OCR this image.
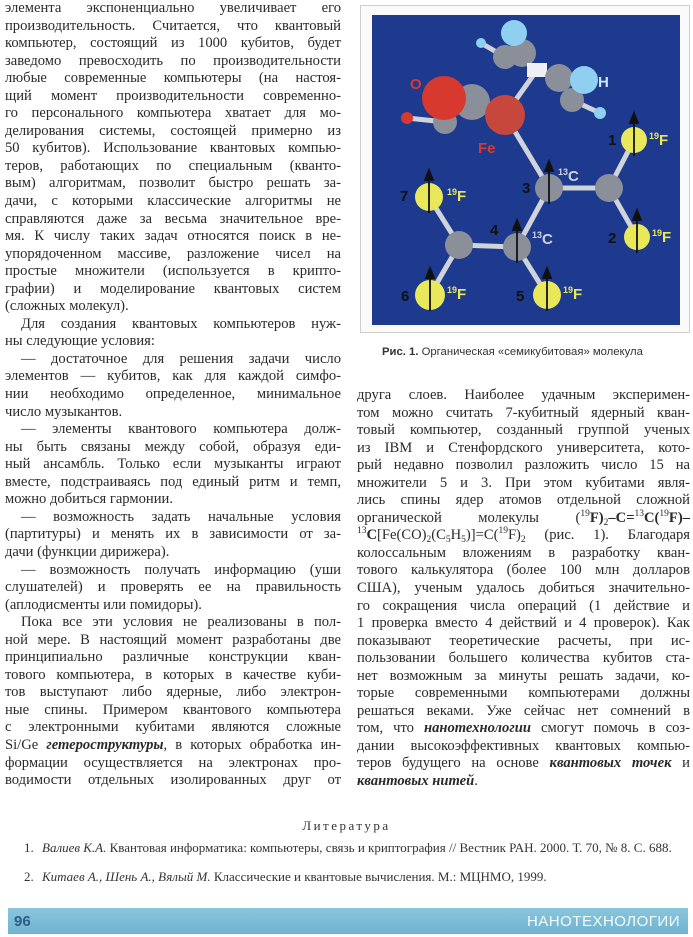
элемента экспоненциально увеличивает его
производительность. Считается, что квантовый
компьютер, состоящий из 1000 кубитов, будет
заведомо превосходить по производительности
любые современные компьютеры (на настоя-
щий момент производительности современно-
го персонального компьютера хватает для мо-
делирования системы, состоящей примерно из
50 кубитов). Использование квантовых компью-
теров, работающих по специальным (кванто-
вым) алгоритмам, позволит быстро решать за-
дачи, с которыми классические алгоритмы не
справляются даже за весьма значительное вре-
мя. К числу таких задач относятся поиск в не-
упорядоченном массиве, разложение чисел на
простые множители (используется в крипто-
графии) и моделирование квантовых систем
(сложных молекул).
Для создания квантовых компьютеров нуж-
ны следующие условия:
— достаточное для решения задачи число
элементов — кубитов, как для каждой симфо-
нии необходимо определенное, минимальное
число музыкантов.
— элементы квантового компьютера долж-
ны быть связаны между собой, образуя еди-
ный ансамбль. Только если музыканты играют
вместе, подстраиваясь под единый ритм и темп,
можно добиться гармонии.
— возможность задать начальные условия
(партитуры) и менять их в зависимости от за-
дачи (функции дирижера).
— возможность получать информацию (уши
слушателей) и проверять ее на правильность
(аплодисменты или помидоры).
Пока все эти условия не реализованы в пол-
ной мере. В настоящий момент разработаны две
принципиально различные конструкции кван-
тового компьютера, в которых в качестве куби-
тов выступают либо ядерные, либо электрон-
ные спины. Примером квантового компьютера
с электронными кубитами являются сложные
Si/Ge гетероструктуры, в которых обработка ин-
формации осуществляется на электронах про-
водимости отдельных изолированных друг от
друга слоев. Наиболее удачным эксперимен-
том можно считать 7-кубитный ядерный кван-
товый компьютер, созданный группой ученых
из IBM и Стенфордского университета, кото-
рый недавно позволил разложить число 15 на
множители 5 и 3. При этом кубитами явля-
лись спины ядер атомов отдельной сложной
органической молекулы $(^{19}F)_2-C=^{13}C(^{19}F)-$
$^{13}C[Fe(CO)_2(C_5H_5)]=C(^{19}F)_2$ (рис. 1). Благодаря
колоссальным вложениям в разработку кван-
тового калькулятора (более 100 млн долларов
США), ученым удалось добиться значительно-
го сокращения числа операций (1 действие и
1 проверка вместо 4 действий и 4 проверок). Как
показывают теоретические расчеты, при ис-
пользовании большего количества кубитов ста-
нет возможным за минуты решать задачи, ко-
торые современными компьютерами должны
решаться веками. Уже сейчас нет сомнений в
том, что нанотехнологии смогут помочь в соз-
дании высокоэффективных квантовых компью-
теров будущего на основе квантовых точек и
квантовых нитей.
O
Fe
H
1
2
3
4
5
6
7
$^{13}$C
$^{13}$C
$^{19}$F
$^{19}$F
$^{19}$F
$^{19}$F	$^{19}$F
Рис. 1. Органическая «семикубитовая» молекула
Литература
1. Валиев К.А. Квантовая информатика: компьютеры, связь и криптография // Вестник РАН. 2000. Т. 70, № 8. С. 688.
2. Китаев А., Шень А., Вялый М. Классические и квантовые вычисления. М.: МЦНМО, 1999.
96	НАНОТЕХНОЛОГИИ
